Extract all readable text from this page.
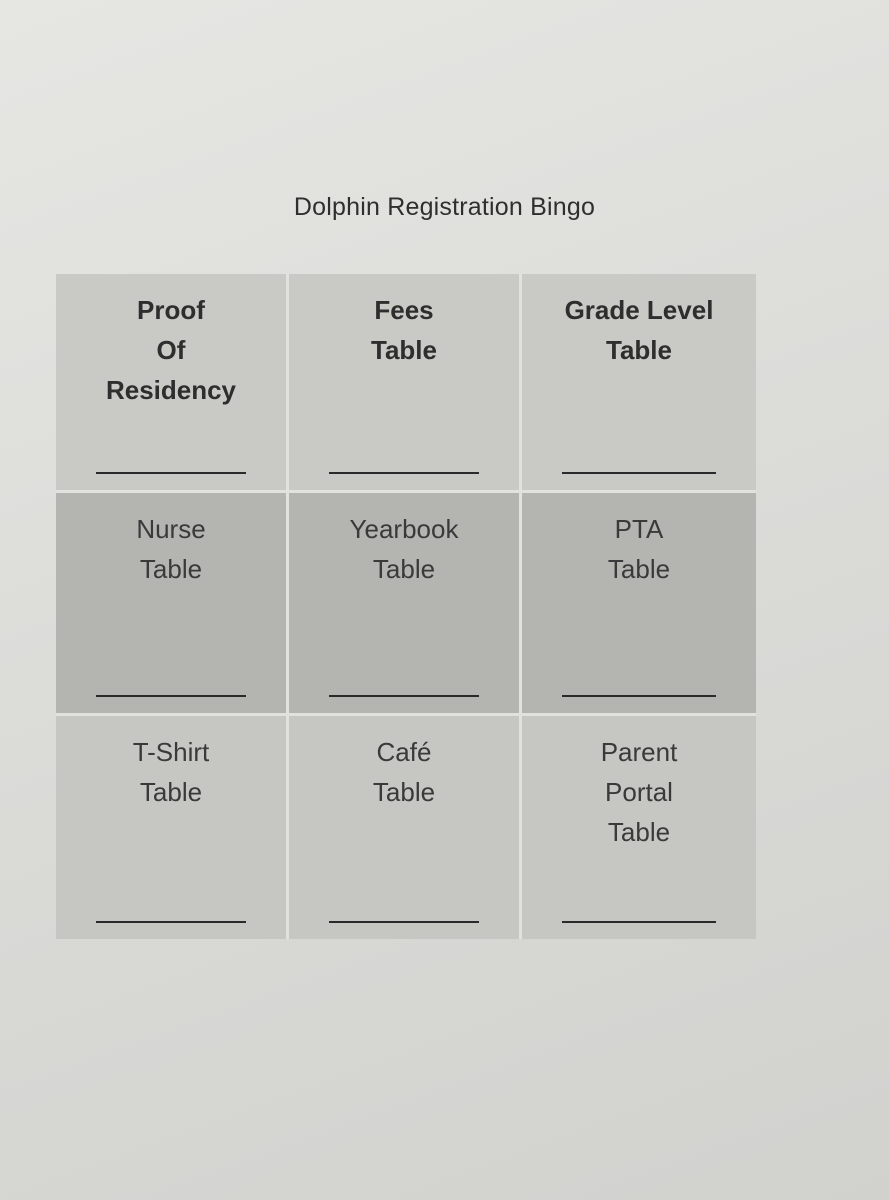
Dolphin Registration Bingo
Proof
Of
Residency
Fees
Table
Grade Level
Table
Nurse
Table
Yearbook
Table
PTA
Table
T-Shirt
Table
Café
Table
Parent
Portal
Table
